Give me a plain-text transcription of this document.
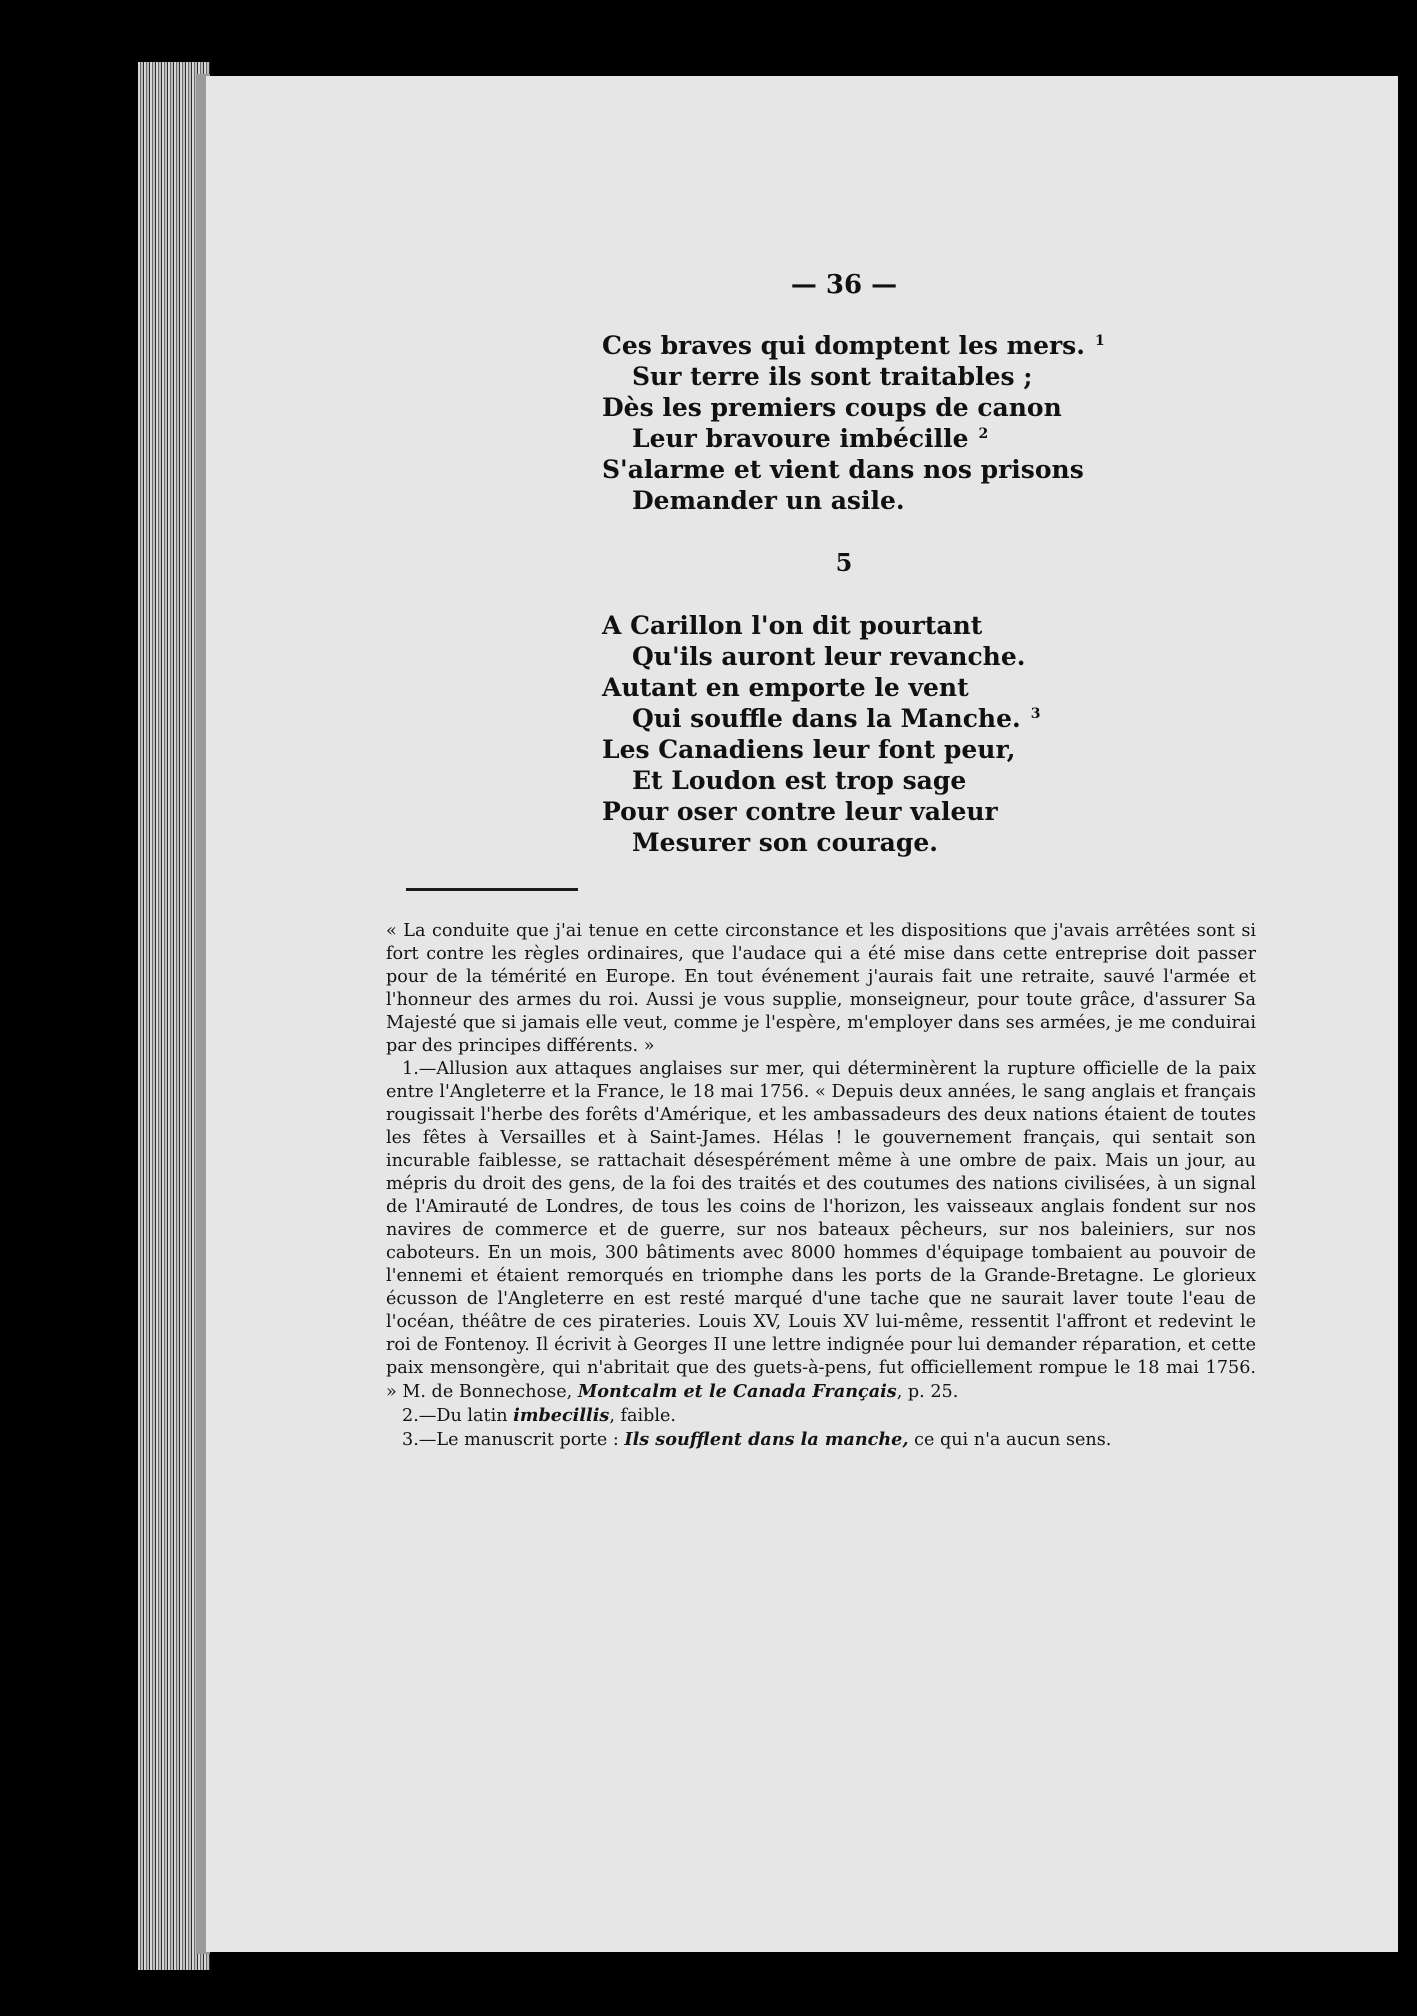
— 36 —
Ces braves qui domptent les mers. $^1$
Sur terre ils sont traitables ;
Dès les premiers coups de canon
Leur bravoure imbécille $^2$
S'alarme et vient dans nos prisons
Demander un asile.
5
A Carillon l'on dit pourtant
Qu'ils auront leur revanche.
Autant en emporte le vent
Qui souffle dans la Manche. $^3$
Les Canadiens leur font peur,
Et Loudon est trop sage
Pour oser contre leur valeur
Mesurer son courage.

« La conduite que j'ai tenue en cette circonstance et les dispositions que j'avais arrêtées sont si fort contre les règles ordinaires, que l'audace qui a été mise dans cette entreprise doit passer pour de la témérité en Europe. En tout événement j'aurais fait une retraite, sauvé l'armée et l'honneur des armes du roi. Aussi je vous supplie, monseigneur, pour toute grâce, d'assurer Sa Majesté que si jamais elle veut, comme je l'espère, m'employer dans ses armées, je me conduirai par des principes différents. »

1.—Allusion aux attaques anglaises sur mer, qui déterminèrent la rupture officielle de la paix entre l'Angleterre et la France, le 18 mai 1756. « Depuis deux années, le sang anglais et français rougissait l'herbe des forêts d'Amérique, et les ambassadeurs des deux nations étaient de toutes les fêtes à Versailles et à Saint-James. Hélas ! le gouvernement français, qui sentait son incurable faiblesse, se rattachait désespérément même à une ombre de paix. Mais un jour, au mépris du droit des gens, de la foi des traités et des coutumes des nations civilisées, à un signal de l'Amirauté de Londres, de tous les coins de l'horizon, les vaisseaux anglais fondent sur nos navires de commerce et de guerre, sur nos bateaux pêcheurs, sur nos baleiniers, sur nos caboteurs. En un mois, 300 bâtiments avec 8000 hommes d'équipage tombaient au pouvoir de l'ennemi et étaient remorqués en triomphe dans les ports de la Grande-Bretagne. Le glorieux écusson de l'Angleterre en est resté marqué d'une tache que ne saurait laver toute l'eau de l'océan, théâtre de ces pirateries. Louis XV, Louis XV lui-même, ressentit l'affront et redevint le roi de Fontenoy. Il écrivit à Georges II une lettre indignée pour lui demander réparation, et cette paix mensongère, qui n'abritait que des guets-à-pens, fut officiellement rompue le 18 mai 1756. » M. de Bonnechose, Montcalm et le Canada Français, p. 25.

2.—Du latin imbecillis, faible.

3.—Le manuscrit porte : Ils soufflent dans la manche, ce qui n'a aucun sens.
